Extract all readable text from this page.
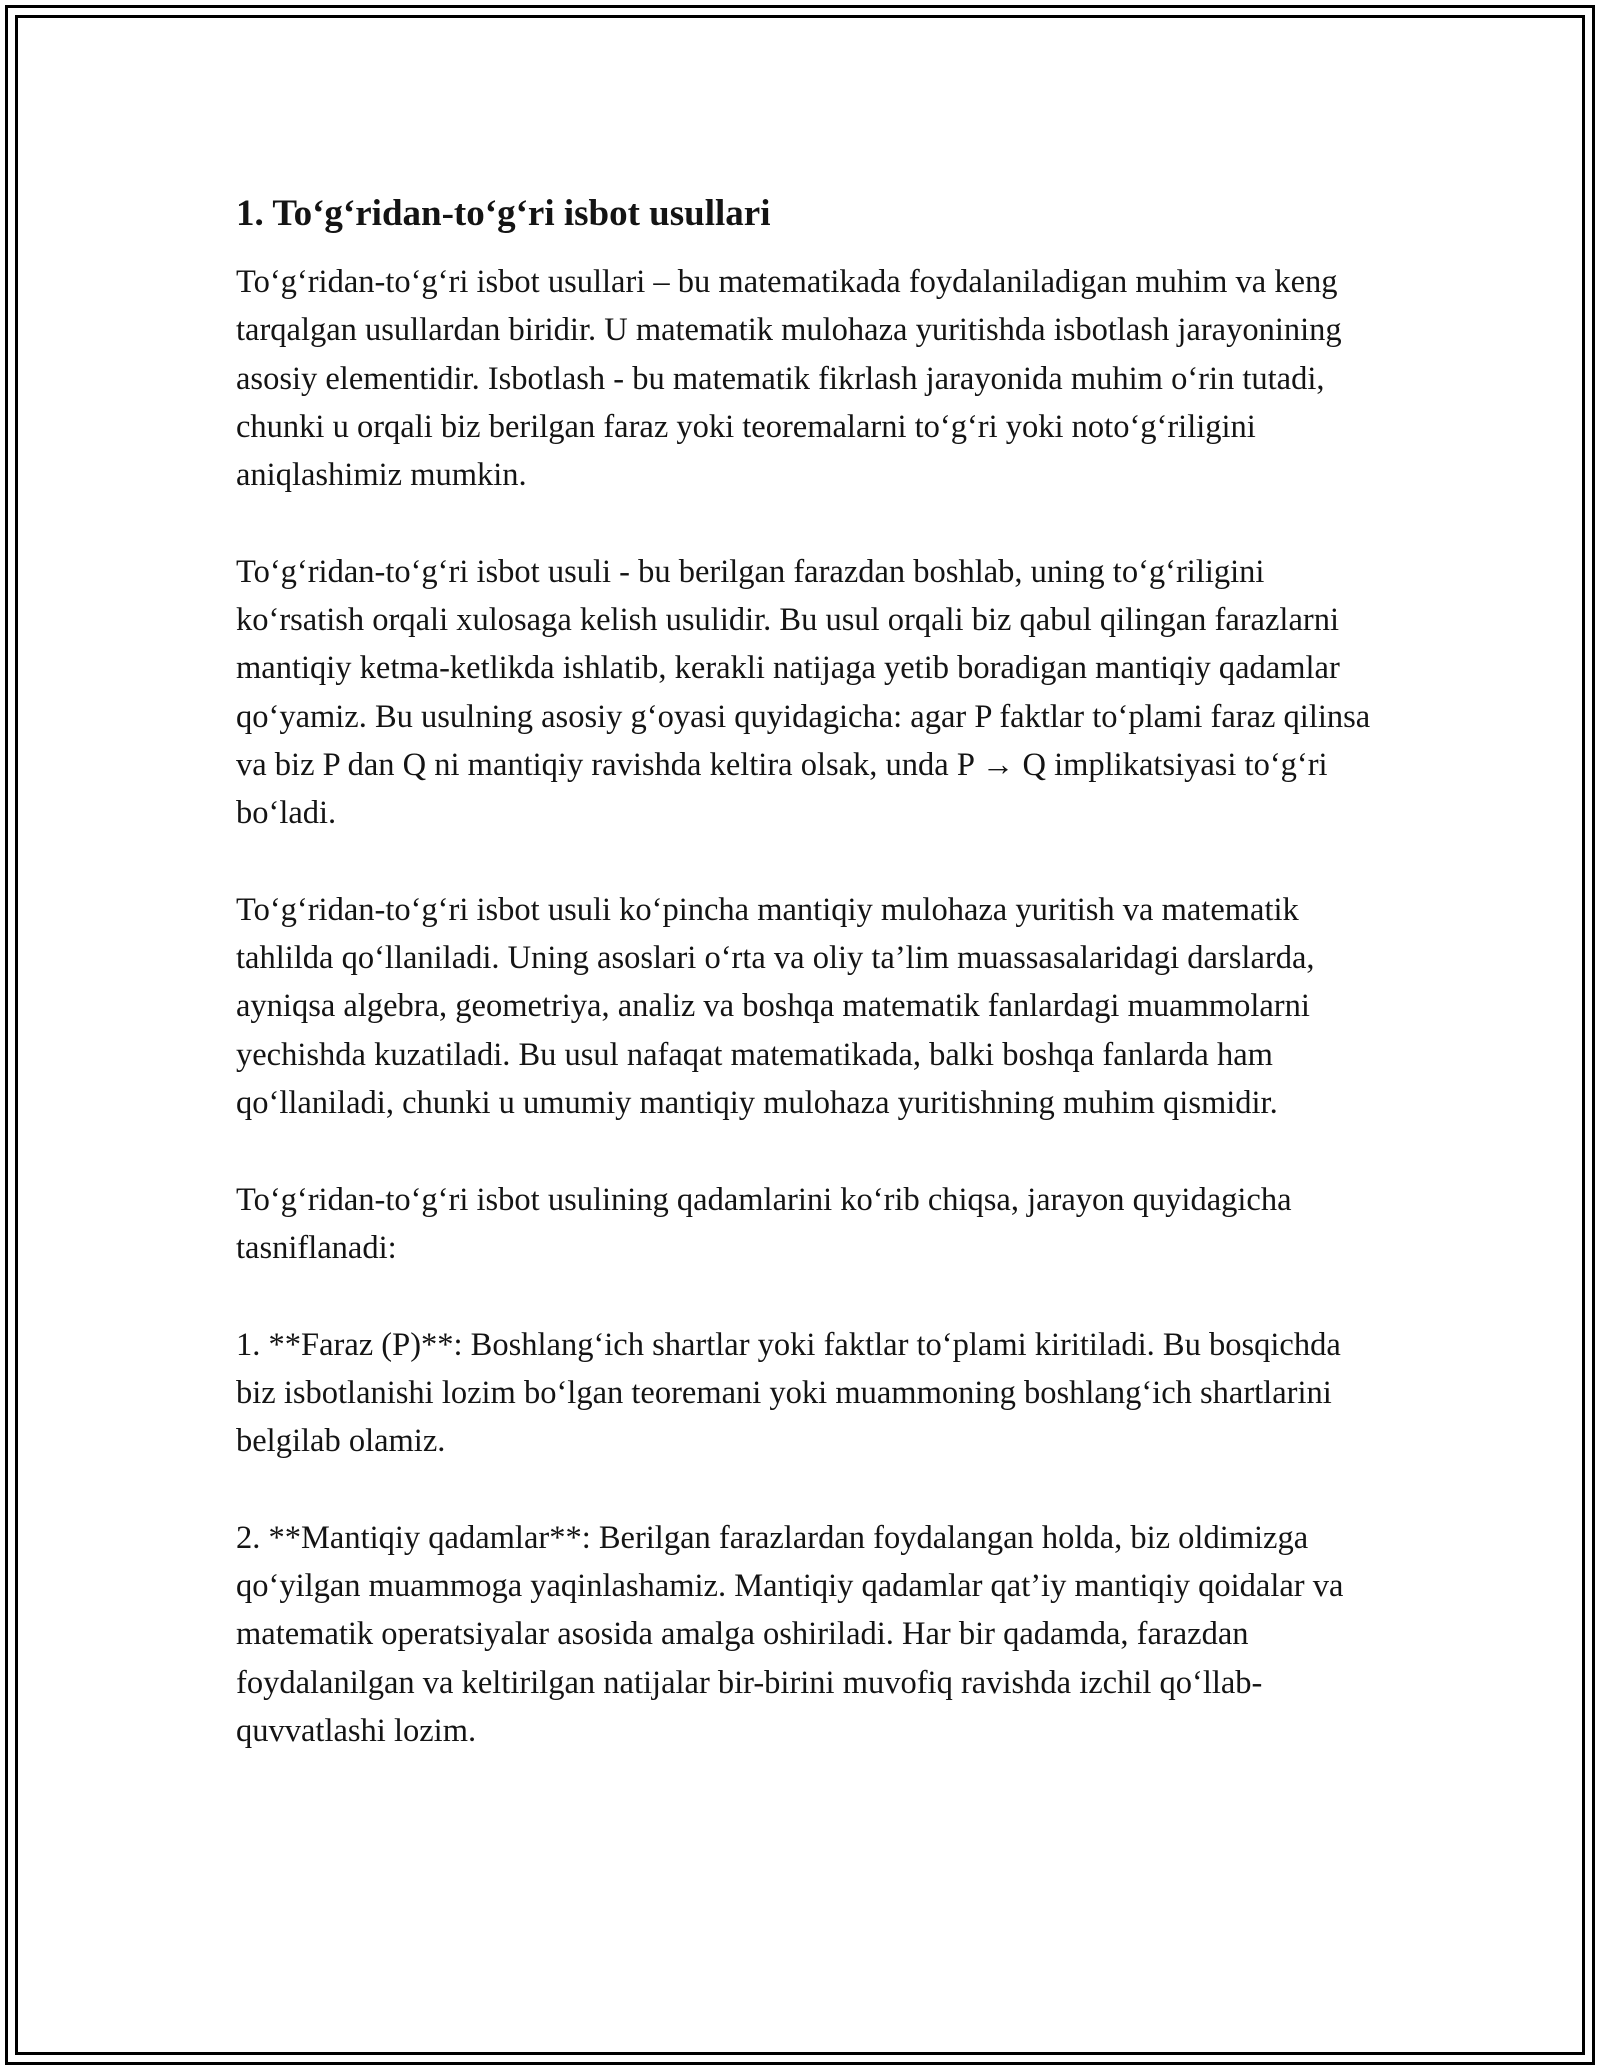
1. To‘g‘ridan-to‘g‘ri isbot usullari

To‘g‘ridan-to‘g‘ri isbot usullari – bu matematikada foydalaniladigan muhim va keng tarqalgan usullardan biridir. U matematik mulohaza yuritishda isbotlash jarayonining asosiy elementidir. Isbotlash - bu matematik fikrlash jarayonida muhim o‘rin tutadi, chunki u orqali biz berilgan faraz yoki teoremalarni to‘g‘ri yoki noto‘g‘riligini aniqlashimiz mumkin.

To‘g‘ridan-to‘g‘ri isbot usuli - bu berilgan farazdan boshlab, uning to‘g‘riligini ko‘rsatish orqali xulosaga kelish usulidir. Bu usul orqali biz qabul qilingan farazlarni mantiqiy ketma-ketlikda ishlatib, kerakli natijaga yetib boradigan mantiqiy qadamlar qo‘yamiz. Bu usulning asosiy g‘oyasi quyidagicha: agar P faktlar to‘plami faraz qilinsa va biz P dan Q ni mantiqiy ravishda keltira olsak, unda P → Q implikatsiyasi to‘g‘ri bo‘ladi.

To‘g‘ridan-to‘g‘ri isbot usuli ko‘pincha mantiqiy mulohaza yuritish va matematik tahlilda qo‘llaniladi. Uning asoslari o‘rta va oliy ta’lim muassasalaridagi darslarda, ayniqsa algebra, geometriya, analiz va boshqa matematik fanlardagi muammolarni yechishda kuzatiladi. Bu usul nafaqat matematikada, balki boshqa fanlarda ham qo‘llaniladi, chunki u umumiy mantiqiy mulohaza yuritishning muhim qismidir.

To‘g‘ridan-to‘g‘ri isbot usulining qadamlarini ko‘rib chiqsa, jarayon quyidagicha tasniflanadi:

1. **Faraz (P)**: Boshlang‘ich shartlar yoki faktlar to‘plami kiritiladi. Bu bosqichda biz isbotlanishi lozim bo‘lgan teoremani yoki muammoning boshlang‘ich shartlarini belgilab olamiz.

2. **Mantiqiy qadamlar**: Berilgan farazlardan foydalangan holda, biz oldimizga qo‘yilgan muammoga yaqinlashamiz. Mantiqiy qadamlar qat’iy mantiqiy qoidalar va matematik operatsiyalar asosida amalga oshiriladi. Har bir qadamda, farazdan foydalanilgan va keltirilgan natijalar bir-birini muvofiq ravishda izchil qo‘llab-quvvatlashi lozim.
